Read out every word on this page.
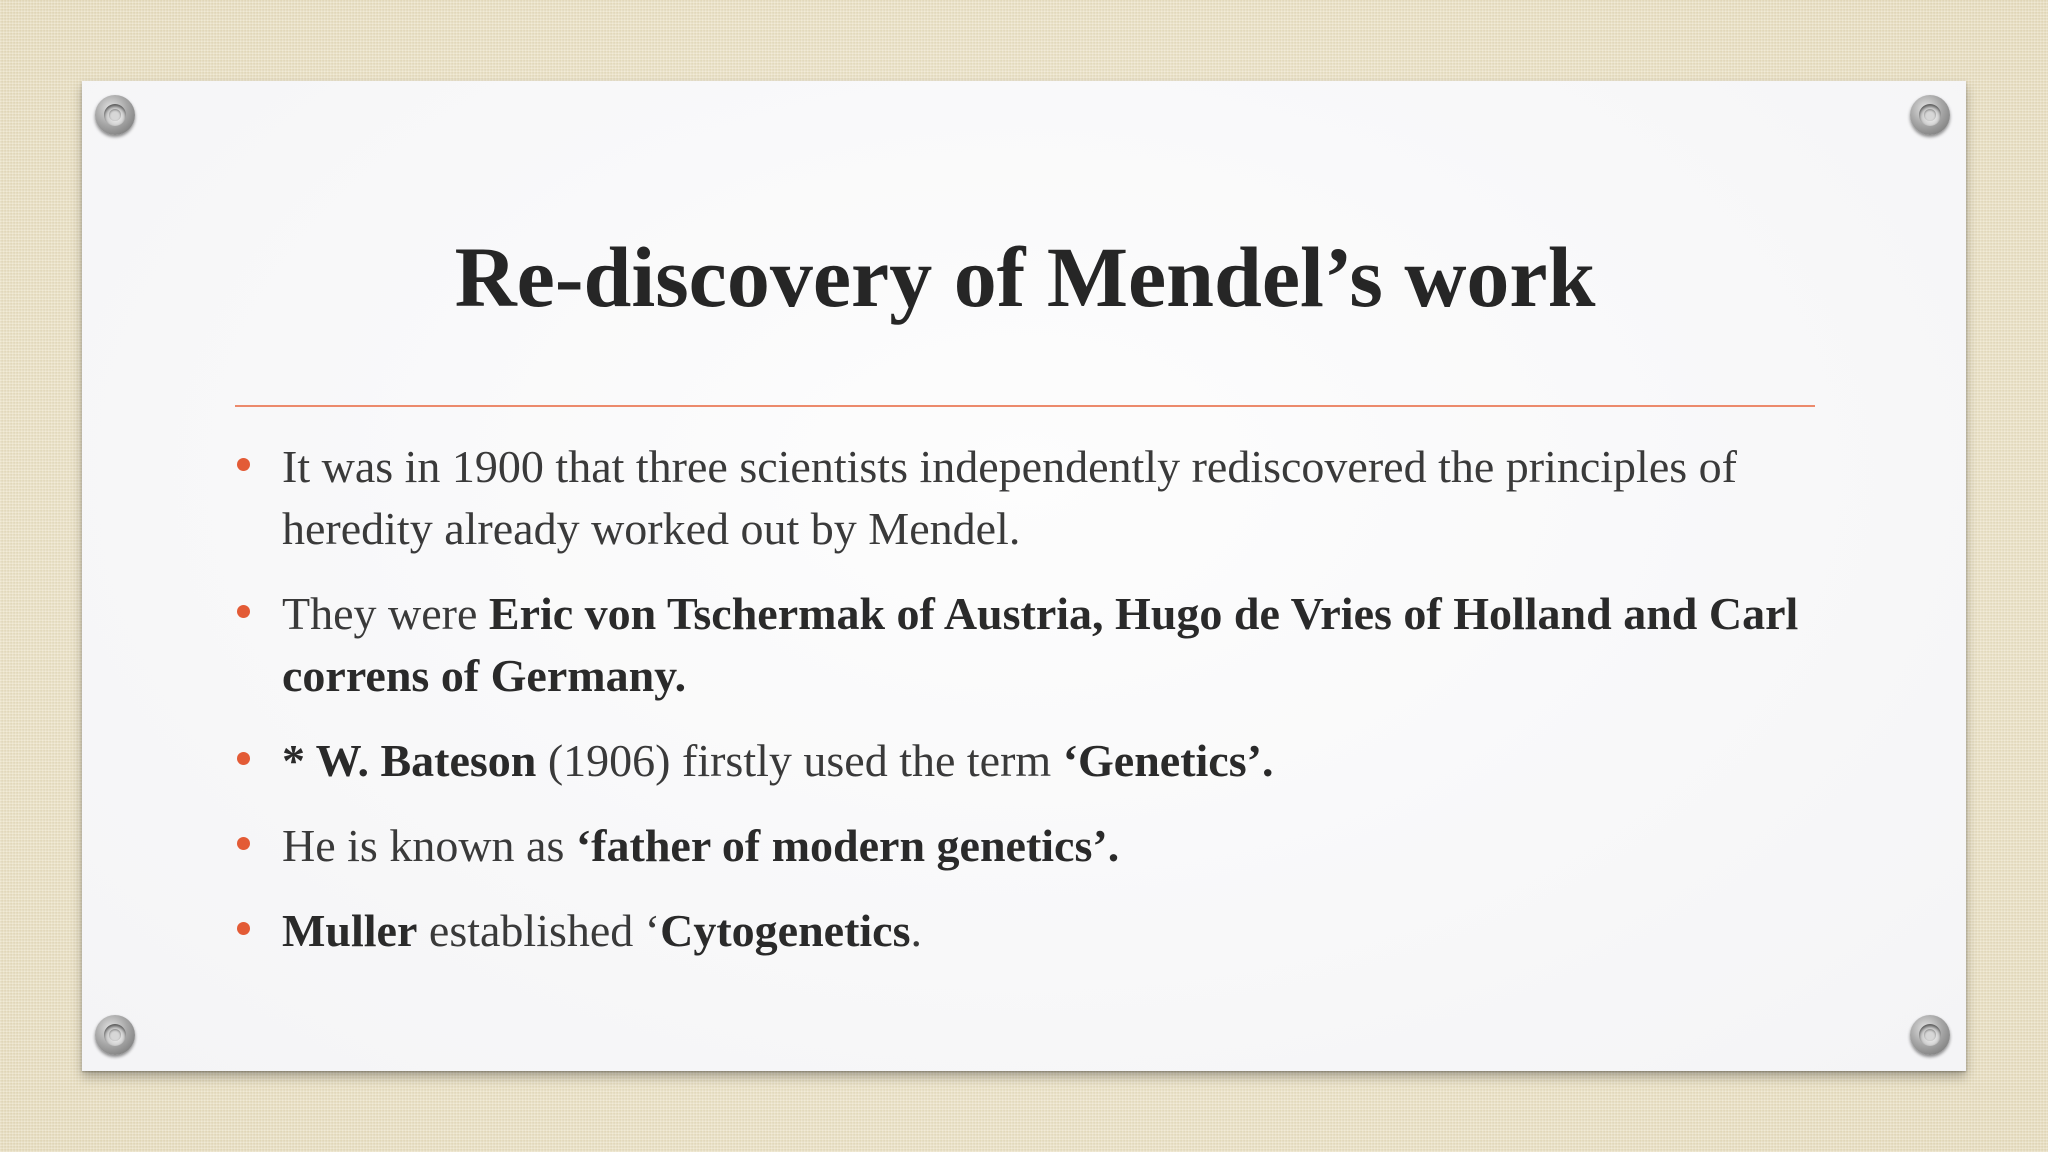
Re-discovery of Mendel’s work
It was in 1900 that three scientists independently rediscovered the principles of heredity already worked out by Mendel.
They were Eric von Tschermak of Austria, Hugo de Vries of Holland and Carl correns of Germany.
* W. Bateson (1906) firstly used the term ‘Genetics’.
He is known as ‘father of modern genetics’.
Muller established ‘Cytogenetics.
